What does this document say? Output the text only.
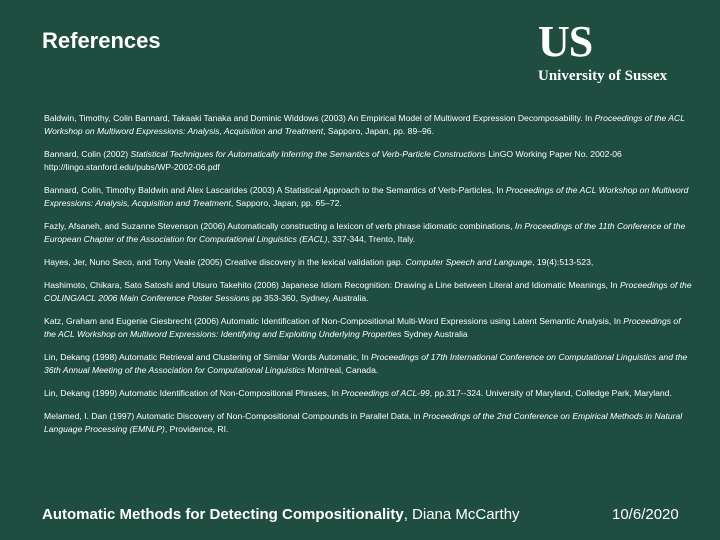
References	US
University of Sussex

Baldwin, Timothy, Colin Bannard, Takaaki Tanaka and Dominic Widdows (2003) An Empirical Model of Multiword Expression Decomposability. In Proceedings of the ACL Workshop on Multiword Expressions: Analysis, Acquisition and Treatment, Sapporo, Japan, pp. 89–96.

Bannard, Colin (2002) Statistical Techniques for Automatically Inferring the Semantics of Verb-Particle Constructions LinGO Working Paper No. 2002-06 http://lingo.stanford.edu/pubs/WP-2002-06.pdf

Bannard, Colin, Timothy Baldwin and Alex Lascarides (2003) A Statistical Approach to the Semantics of Verb-Particles, In Proceedings of the ACL Workshop on Multiword Expressions: Analysis, Acquisition and Treatment, Sapporo, Japan, pp. 65–72.

Fazly, Afsaneh, and Suzanne Stevenson (2006) Automatically constructing a lexicon of verb phrase idiomatic combinations, In Proceedings of the 11th Conference of the European Chapter of the Association for Computational Linguistics (EACL), 337-344, Trento, Italy.

Hayes, Jer, Nuno Seco, and Tony Veale (2005) Creative discovery in the lexical validation gap. Computer Speech and Language, 19(4):513-523,

Hashimoto, Chikara, Sato Satoshi and Utsuro Takehito (2006) Japanese Idiom Recognition: Drawing a Line between Literal and Idiomatic Meanings, In Proceedings of the COLING/ACL 2006 Main Conference Poster Sessions pp 353-360, Sydney, Australia.

Katz, Graham and Eugenie Giesbrecht (2006) Automatic Identification of Non-Compositional Multi-Word Expressions using Latent Semantic Analysis, In Proceedings of the ACL Workshop on Multiword Expressions: Identifying and Exploiting Underlying Properties Sydney Australia

Lin, Dekang (1998) Automatic Retrieval and Clustering of Similar Words Automatic, In Proceedings of 17th International Conference on Computational Linguistics and the 36th Annual Meeting of the Association for Computational Linguistics Montreal, Canada.

Lin, Dekang (1999) Automatic Identification of Non-Compositional Phrases, In Proceedings of ACL-99, pp.317--324. University of Maryland, Colledge Park, Maryland.

Melamed, I. Dan (1997) Automatic Discovery of Non-Compositional Compounds in Parallel Data, in Proceedings of the 2nd Conference on Empirical Methods in Natural Language Processing (EMNLP), Providence, RI.

Automatic Methods for Detecting Compositionality, Diana McCarthy	10/6/2020
